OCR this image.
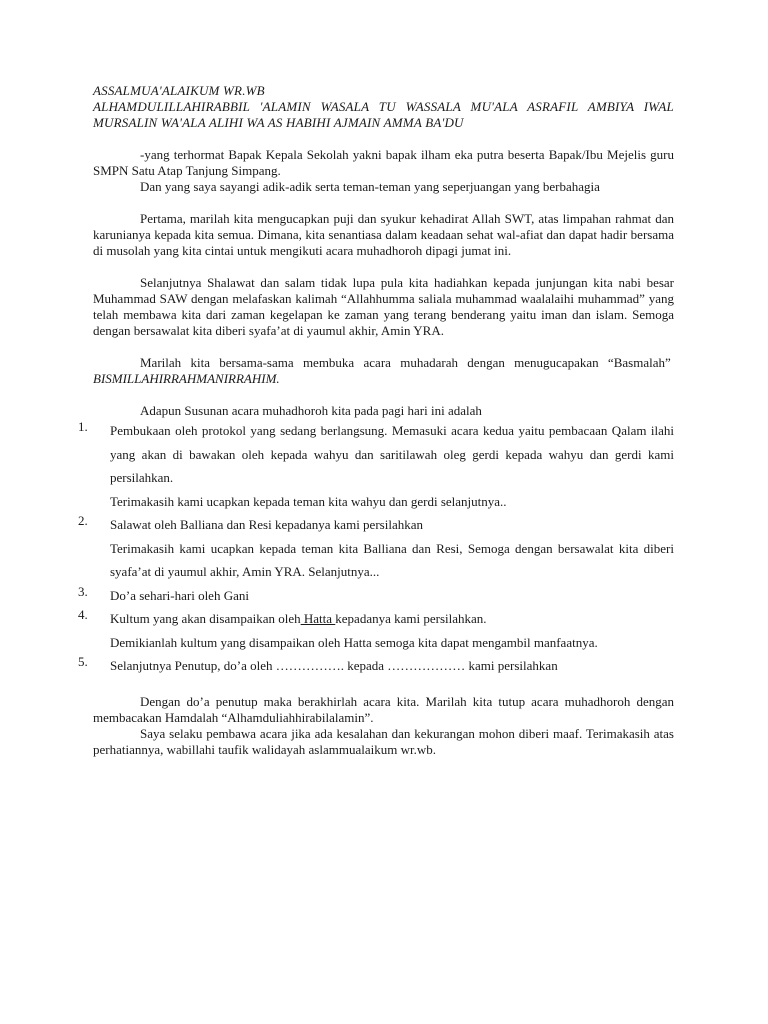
ASSALMUA'ALAIKUM WR.WB

ALHAMDULILLAHIRABBIL 'ALAMIN WASALA TU WASSALA MU'ALA ASRAFIL AMBIYA IWAL MURSALIN WA'ALA ALIHI WA AS HABIHI AJMAIN AMMA BA'DU

-yang terhormat Bapak Kepala Sekolah yakni bapak ilham eka putra beserta Bapak/Ibu Mejelis guru SMPN Satu Atap Tanjung Simpang.

Dan yang saya sayangi adik-adik serta teman-teman yang seperjuangan yang berbahagia

Pertama, marilah kita mengucapkan puji dan syukur kehadirat Allah SWT, atas limpahan rahmat dan karunianya kepada kita semua. Dimana, kita senantiasa dalam keadaan sehat wal-afiat dan dapat hadir bersama di musolah yang kita cintai untuk mengikuti acara muhadhoroh dipagi jumat ini.

Selanjutnya Shalawat dan salam tidak lupa pula kita hadiahkan kepada junjungan kita nabi besar Muhammad SAW dengan melafaskan kalimah “Allahhumma saliala muhammad waalalaihi muhammad” yang telah membawa kita dari zaman kegelapan ke zaman yang terang benderang yaitu iman dan islam. Semoga dengan bersawalat kita diberi syafa’at di yaumul akhir, Amin YRA.

Marilah kita bersama-sama membuka acara muhadarah dengan menugucapakan “Basmalah”  BISMILLAHIRRAHMANIRRAHIM.

Adapun Susunan acara muhadhoroh kita pada pagi hari ini adalah

1. Pembukaan oleh protokol yang sedang berlangsung. Memasuki acara kedua yaitu pembacaan Qalam ilahi yang akan di bawakan oleh kepada wahyu dan saritilawah oleg gerdi kepada wahyu dan gerdi kami persilahkan.
Terimakasih kami ucapkan kepada teman kita wahyu dan gerdi selanjutnya..
2. Salawat oleh Balliana dan Resi kepadanya kami persilahkan
Terimakasih kami ucapkan kepada teman kita Balliana dan Resi, Semoga dengan bersawalat kita diberi syafa’at di yaumul akhir, Amin YRA. Selanjutnya...
3. Do’a sehari-hari oleh Gani
4. Kultum yang akan disampaikan oleh Hatta kepadanya kami persilahkan.
Demikianlah kultum yang disampaikan oleh Hatta semoga kita dapat mengambil manfaatnya.
5. Selanjutnya Penutup, do’a oleh ……………. kepada ……………… kami persilahkan

Dengan do’a penutup maka berakhirlah acara kita. Marilah kita tutup acara muhadhoroh dengan membacakan Hamdalah “Alhamduliahhirabilalamin”.

Saya selaku pembawa acara jika ada kesalahan dan kekurangan mohon diberi maaf. Terimakasih atas perhatiannya, wabillahi taufik walidayah aslammualaikum wr.wb.
